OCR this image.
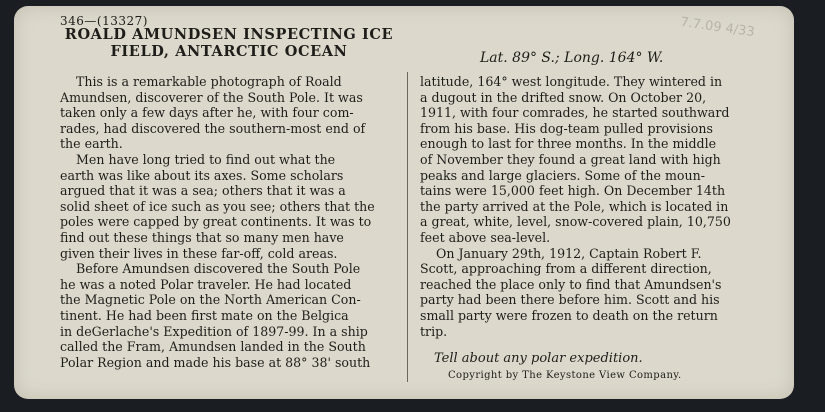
346—(13327)
ROALD AMUNDSEN INSPECTING ICE
FIELD, ANTARCTIC OCEAN	Lat. 89° S.; Long. 164° W.
7.7.09 4/33
This is a remarkable photograph of Roald
Amundsen, discoverer of the South Pole. It was
taken only a few days after he, with four com-
rades, had discovered the southern-most end of
the earth.
Men have long tried to find out what the
earth was like about its axes. Some scholars
argued that it was a sea; others that it was a
solid sheet of ice such as you see; others that the
poles were capped by great continents. It was to
find out these things that so many men have
given their lives in these far-off, cold areas.
Before Amundsen discovered the South Pole
he was a noted Polar traveler. He had located
the Magnetic Pole on the North American Con-
tinent. He had been first mate on the Belgica
in deGerlache's Expedition of 1897-99. In a ship
called the Fram, Amundsen landed in the South
Polar Region and made his base at 88° 38' south
latitude, 164° west longitude. They wintered in
a dugout in the drifted snow. On October 20,
1911, with four comrades, he started southward
from his base. His dog-team pulled provisions
enough to last for three months. In the middle
of November they found a great land with high
peaks and large glaciers. Some of the moun-
tains were 15,000 feet high. On December 14th
the party arrived at the Pole, which is located in
a great, white, level, snow-covered plain, 10,750
feet above sea-level.
On January 29th, 1912, Captain Robert F.
Scott, approaching from a different direction,
reached the place only to find that Amundsen's
party had been there before him. Scott and his
small party were frozen to death on the return
trip.
Tell about any polar expedition.
Copyright by The Keystone View Company.
